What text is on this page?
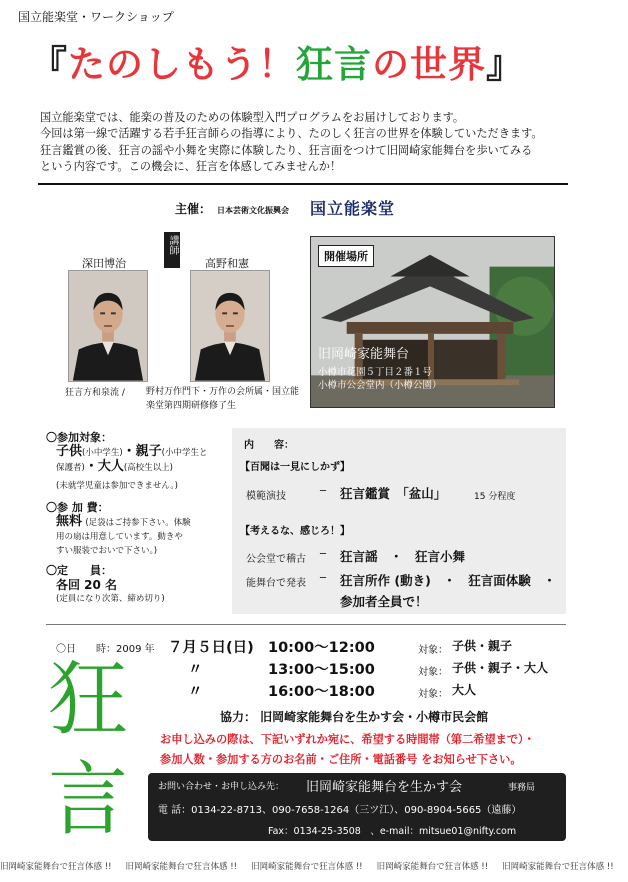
国立能楽堂・ワークショップ
『たのしもう！狂言の世界』
国立能楽堂では、能楽の普及のための体験型入門プログラムをお届けしております。
今回は第一線で活躍する若手狂言師らの指導により、たのしく狂言の世界を体験していただきます。
狂言鑑賞の後、狂言の謡や小舞を実際に体験したり、狂言面をつけて旧岡崎家能舞台を歩いてみる
という内容です。この機会に、狂言を体感してみませんか！
主催： 日本芸術文化振興会	国立能楽堂
講師
深田博治	高野和憲
狂言方和泉流 / 野村万作門下・万作の会所属・国立能楽堂第四期研修修了生
開催場所
旧岡崎家能舞台
小樽市花園５丁目２番１号
小樽市公会堂内（小樽公園）
〇参加対象：
子供(小中学生)・親子(小中学生と
保護者)・大人(高校生以上)
(未就学児童は参加できません。)
〇参 加 費：
無料 (足袋はご持参下さい。体験
用の扇は用意しています。動きや
すい服装でおいで下さい。)
〇定　　員：
各回 20 名
(定員になり次第、締め切り)
内　　容：
【百聞は一見にしかず】
模範演技	─ 狂言鑑賞　「盆山」	15 分程度
【考えるな、感じろ！】
公会堂で稽古 ─ 狂言謡　・　狂言小舞
能舞台で発表 ─ 狂言所作 (動き)　・　狂言面体験　・
参加者全員で！
〇日　　時：2009 年 ７月５日(日) 10:00〜12:00	対象： 子供・親子
〃	13:00〜15:00	対象： 子供・親子・大人
〃	16:00〜18:00	対象： 大人
狂
言
協力： 旧岡崎家能舞台を生かす会・小樽市民会館
お申し込みの際は、下記いずれか宛に、希望する時間帯（第二希望まで）・
参加人数・参加する方のお名前・ご住所・電話番号 をお知らせ下さい。
お問い合わせ・お申し込み先： 旧岡崎家能舞台を生かす会	事務局
電 話：0134-22-8713、090-7658-1264（三ツ江）、090-8904-5665（遠藤）
Fax：0134-25-3508　、e-mail：mitsue01@nifty.com
旧岡崎家能舞台で狂言体感 !! 旧岡崎家能舞台で狂言体感 !! 旧岡崎家能舞台で狂言体感 !! 旧岡崎家能舞台で狂言体感 !! 旧岡崎家能舞台で狂言体感 !!
